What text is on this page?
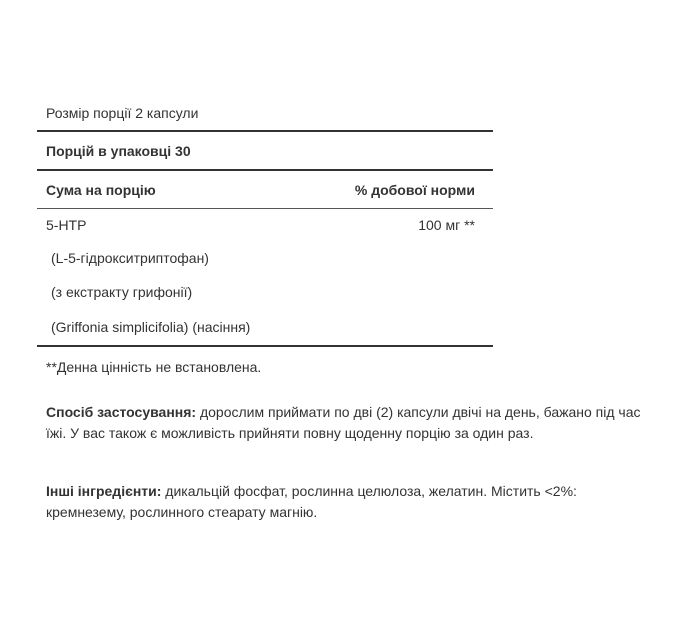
Розмір порції 2 капсули
Порцій в упаковці 30
Сума на порцію	% добової норми
5-HTP	100 мг **
(L-5-гідрокситриптофан)
(з екстракту грифонії)
(Griffonia simplicifolia) (насіння)
**Денна цінність не встановлена.

Спосіб застосування: дорослим приймати по дві (2) капсули двічі на день, бажано під час їжі. У вас також є можливість прийняти повну щоденну порцію за один раз.

Інші інгредієнти: дикальцій фосфат, рослинна целюлоза, желатин. Містить <2%: кремнезему, рослинного стеарату магнію.
